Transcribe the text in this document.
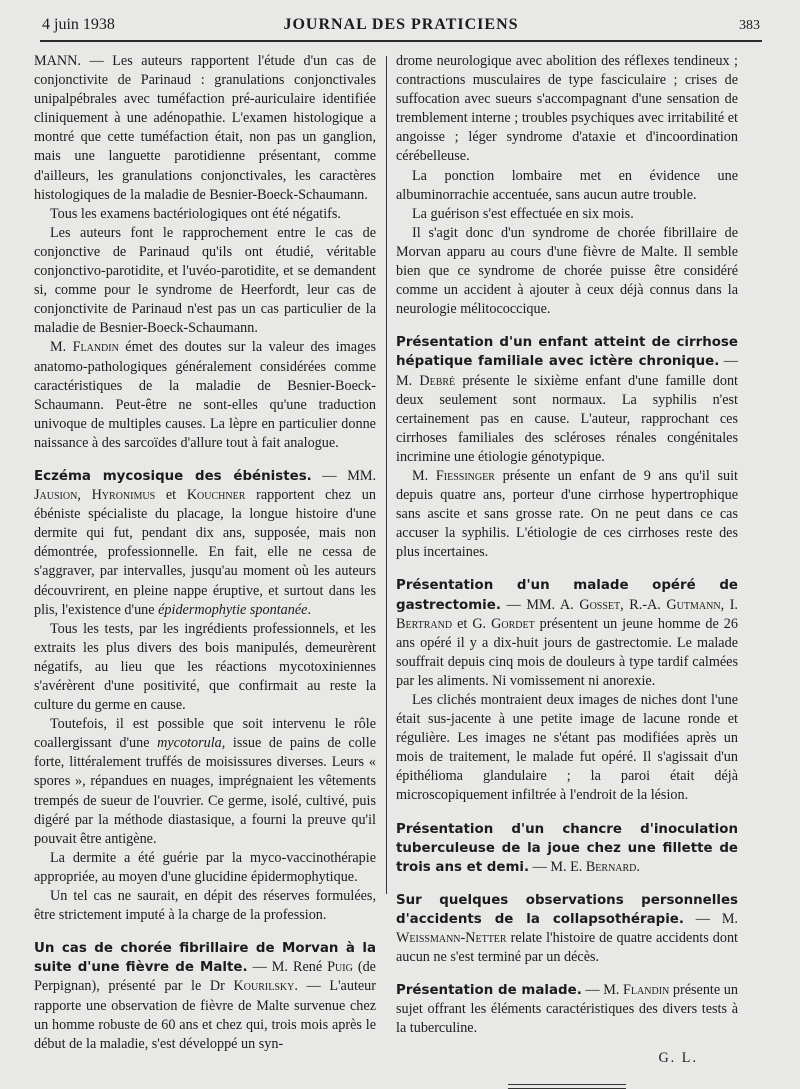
4 juin 1938	JOURNAL DES PRATICIENS	383

MANN. — Les auteurs rapportent l'étude d'un cas de conjonctivite de Parinaud : granulations conjonctivales unipalpébrales avec tuméfaction pré-auriculaire identifiée cliniquement à une adénopathie. L'examen histologique a montré que cette tuméfaction était, non pas un ganglion, mais une languette parotidienne présentant, comme d'ailleurs, les granulations conjonctivales, les caractères histologiques de la maladie de Besnier-Boeck-Schaumann.

Tous les examens bactériologiques ont été négatifs.

Les auteurs font le rapprochement entre le cas de conjonctive de Parinaud qu'ils ont étudié, véritable conjonctivo-parotidite, et l'uvéo-parotidite, et se demandent si, comme pour le syndrome de Heerfordt, leur cas de conjonctivite de Parinaud n'est pas un cas particulier de la maladie de Besnier-Boeck-Schaumann.

M. Flandin émet des doutes sur la valeur des images anatomo-pathologiques généralement considérées comme caractéristiques de la maladie de Besnier-Boeck-Schaumann. Peut-être ne sont-elles qu'une traduction univoque de multiples causes. La lèpre en particulier donne naissance à des sarcoïdes d'allure tout à fait analogue.

Eczéma mycosique des ébénistes. — MM. Jausion, Hyronimus et Kouchner rapportent chez un ébéniste spécialiste du placage, la longue histoire d'une dermite qui fut, pendant dix ans, supposée, mais non démontrée, professionnelle. En fait, elle ne cessa de s'aggraver, par intervalles, jusqu'au moment où les auteurs découvrirent, en pleine nappe éruptive, et surtout dans les plis, l'existence d'une épidermophytie spontanée.

Tous les tests, par les ingrédients professionnels, et les extraits les plus divers des bois manipulés, demeurèrent négatifs, au lieu que les réactions mycotoxiniennes s'avérèrent d'une positivité, que confirmait au reste la culture du germe en cause.

Toutefois, il est possible que soit intervenu le rôle coallergissant d'une mycotorula, issue de pains de colle forte, littéralement truffés de moisissures diverses. Leurs « spores », répandues en nuages, imprégnaient les vêtements trempés de sueur de l'ouvrier. Ce germe, isolé, cultivé, puis digéré par la méthode diastasique, a fourni la preuve qu'il pouvait être antigène.

La dermite a été guérie par la myco-vaccinothérapie appropriée, au moyen d'une glucidine épidermophytique.

Un tel cas ne saurait, en dépit des réserves formulées, être strictement imputé à la charge de la profession.

Un cas de chorée fibrillaire de Morvan à la suite d'une fièvre de Malte. — M. René Puig (de Perpignan), présenté par le Dr Kourilsky. — L'auteur rapporte une observation de fièvre de Malte survenue chez un homme robuste de 60 ans et chez qui, trois mois après le début de la maladie, s'est développé un syn-

drome neurologique avec abolition des réflexes tendineux ; contractions musculaires de type fasciculaire ; crises de suffocation avec sueurs s'accompagnant d'une sensation de tremblement interne ; troubles psychiques avec irritabilité et angoisse ; léger syndrome d'ataxie et d'incoordination cérébelleuse.

La ponction lombaire met en évidence une albuminorrachie accentuée, sans aucun autre trouble.

La guérison s'est effectuée en six mois.

Il s'agit donc d'un syndrome de chorée fibrillaire de Morvan apparu au cours d'une fièvre de Malte. Il semble bien que ce syndrome de chorée puisse être considéré comme un accident à ajouter à ceux déjà connus dans la neurologie mélitococcique.

Présentation d'un enfant atteint de cirrhose hépatique familiale avec ictère chronique. — M. Debré présente le sixième enfant d'une famille dont deux seulement sont normaux. La syphilis n'est certainement pas en cause. L'auteur, rapprochant ces cirrhoses familiales des scléroses rénales congénitales incrimine une étiologie génotypique.

M. Fiessinger présente un enfant de 9 ans qu'il suit depuis quatre ans, porteur d'une cirrhose hypertrophique sans ascite et sans grosse rate. On ne peut dans ce cas accuser la syphilis. L'étiologie de ces cirrhoses reste des plus incertaines.

Présentation d'un malade opéré de gastrectomie. — MM. A. Gosset, R.-A. Gutmann, I. Bertrand et G. Gordet présentent un jeune homme de 26 ans opéré il y a dix-huit jours de gastrectomie. Le malade souffrait depuis cinq mois de douleurs à type tardif calmées par les aliments. Ni vomissement ni anorexie.

Les clichés montraient deux images de niches dont l'une était sus-jacente à une petite image de lacune ronde et régulière. Les images ne s'étant pas modifiées après un mois de traitement, le malade fut opéré. Il s'agissait d'un épithélioma glandulaire ; la paroi était déjà microscopiquement infiltrée à l'endroit de la lésion.

Présentation d'un chancre d'inoculation tuberculeuse de la joue chez une fillette de trois ans et demi. — M. E. Bernard.

Sur quelques observations personnelles d'accidents de la collapsothérapie. — M. Weissmann-Netter relate l'histoire de quatre accidents dont aucun ne s'est terminé par un décès.

Présentation de malade. — M. Flandin présente un sujet offrant les éléments caractéristiques des divers tests à la tuberculine.

G. L.
